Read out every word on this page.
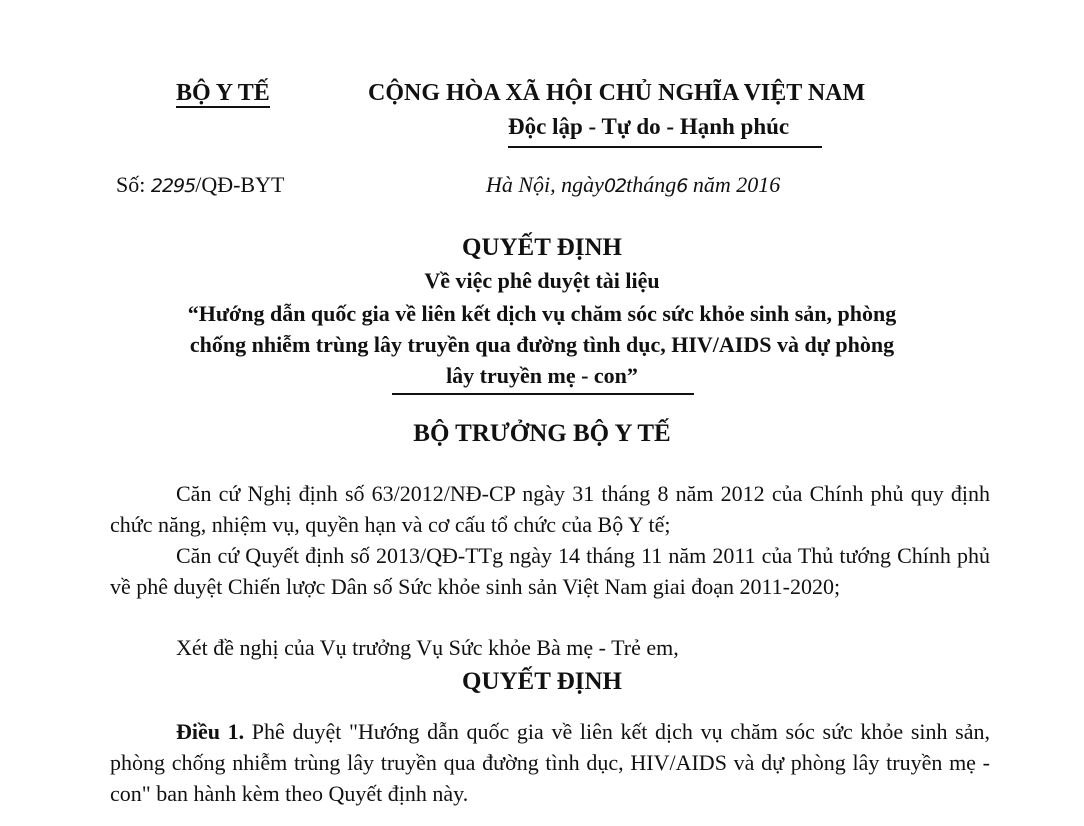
BỘ Y TẾ	CỘNG HÒA XÃ HỘI CHỦ NGHĨA VIỆT NAM
Độc lập - Tự do - Hạnh phúc
Số: 2295/QĐ-BYT	Hà Nội, ngày02tháng6 năm 2016
QUYẾT ĐỊNH
Về việc phê duyệt tài liệu
“Hướng dẫn quốc gia về liên kết dịch vụ chăm sóc sức khỏe sinh sản, phòng
chống nhiễm trùng lây truyền qua đường tình dục, HIV/AIDS và dự phòng
lây truyền mẹ - con”
BỘ TRƯỞNG BỘ Y TẾ
Căn cứ Nghị định số 63/2012/NĐ-CP ngày 31 tháng 8 năm 2012 của Chính phủ quy định chức năng, nhiệm vụ, quyền hạn và cơ cấu tổ chức của Bộ Y tế;
Căn cứ Quyết định số 2013/QĐ-TTg ngày 14 tháng 11 năm 2011 của Thủ tướng Chính phủ về phê duyệt Chiến lược Dân số Sức khỏe sinh sản Việt Nam giai đoạn 2011-2020;
Xét đề nghị của Vụ trưởng Vụ Sức khỏe Bà mẹ - Trẻ em,
QUYẾT ĐỊNH
Điều 1. Phê duyệt "Hướng dẫn quốc gia về liên kết dịch vụ chăm sóc sức khỏe sinh sản, phòng chống nhiễm trùng lây truyền qua đường tình dục, HIV/AIDS và dự phòng lây truyền mẹ - con" ban hành kèm theo Quyết định này.
